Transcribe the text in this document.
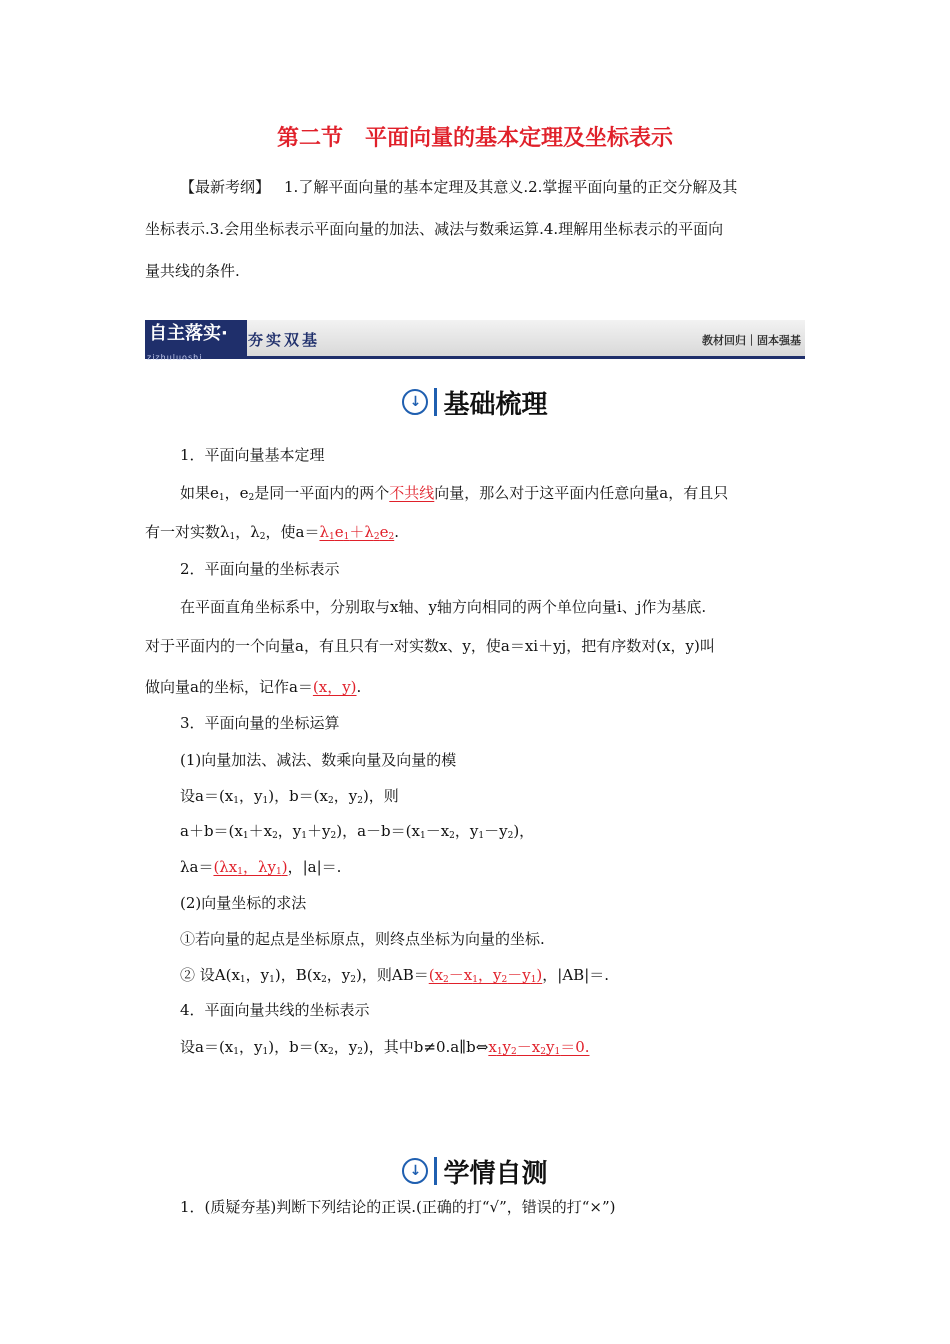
第二节　平面向量的基本定理及坐标表示
【最新考纲】 1.了解平面向量的基本定理及其意义.2.掌握平面向量的正交分解及其
坐标表示.3.会用坐标表示平面向量的加法、减法与数乘运算.4.理解用坐标表示的平面向
量共线的条件.
自主落实·
zizhuluoshi
夯实双基	教材回归｜固本强基
↓ 基础梳理
1．平面向量基本定理
如果$e_1$，$e_2$是同一平面内的两个不共线向量，那么对于这平面内任意向量a，有且只
有一对实数$\lambda_1$，$\lambda_2$，使$a=\lambda_1e_1+\lambda_2e_2$.
2．平面向量的坐标表示
在平面直角坐标系中，分别取与x轴、y轴方向相同的两个单位向量i、j作为基底.
对于平面内的一个向量a，有且只有一对实数x、y，使a＝xi＋yj，把有序数对(x，y)叫
做向量a的坐标，记作a＝(x，y).
3．平面向量的坐标运算
(1)向量加法、减法、数乘向量及向量的模
设$a=(x_1$，$y_1$)，$b=(x_2$，$y_2$)，则
$a+b=(x_1+x_2$，$y_1+y_2$)，$a-b=(x_1-x_2$，$y_1-y_2$)，
$\lambda a=(\lambda x_1$，$\lambda y_1$)，|a|＝.
(2)向量坐标的求法
①若向量的起点是坐标原点，则终点坐标为向量的坐标.
② 设$A(x_1$，$y_1$)，$B(x_2$，$y_2$)，则$AB=(x_2-x_1$，$y_2-y_1$)，|AB|＝.
4．平面向量共线的坐标表示
设$a=(x_1$，$y_1$)，$b=(x_2$，$y_2$)，其中$b\ne 0.a\parallel b\Leftrightarrow x_1y_2-x_2y_1=0$.
↓ 学情自测
1．(质疑夯基)判断下列结论的正误.(正确的打“√”，错误的打“×”)
